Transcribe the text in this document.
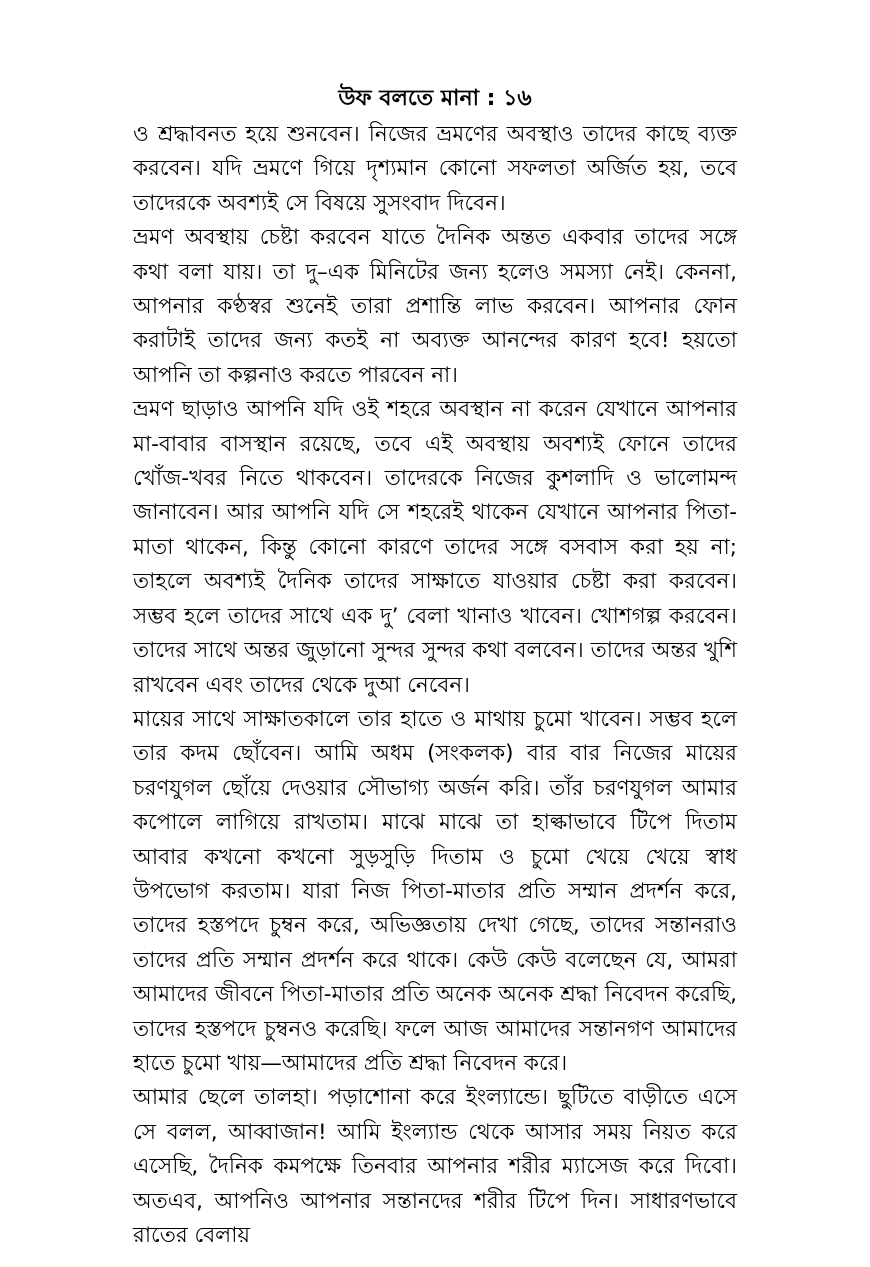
উফ বলতে মানা : ১৬

ও শ্রদ্ধাবনত হয়ে শুনবেন। নিজের ভ্রমণের অবস্থাও তাদের কাছে ব্যক্ত করবেন। যদি ভ্রমণে গিয়ে দৃশ্যমান কোনো সফলতা অর্জিত হয়, তবে তাদেরকে অবশ্যই সে বিষয়ে সুসংবাদ দিবেন।

ভ্রমণ অবস্থায় চেষ্টা করবেন যাতে দৈনিক অন্তত একবার তাদের সঙ্গে কথা বলা যায়। তা দু–এক মিনিটের জন্য হলেও সমস্যা নেই। কেননা, আপনার কণ্ঠস্বর শুনেই তারা প্রশান্তি লাভ করবেন। আপনার ফোন করাটাই তাদের জন্য কতই না অব্যক্ত আনন্দের কারণ হবে! হয়তো আপনি তা কল্পনাও করতে পারবেন না।

ভ্রমণ ছাড়াও আপনি যদি ওই শহরে অবস্থান না করেন যেখানে আপনার মা-বাবার বাসস্থান রয়েছে, তবে এই অবস্থায় অবশ্যই ফোনে তাদের খোঁজ-খবর নিতে থাকবেন। তাদেরকে নিজের কুশলাদি ও ভালোমন্দ জানাবেন। আর আপনি যদি সে শহরেই থাকেন যেখানে আপনার পিতা-মাতা থাকেন, কিন্তু কোনো কারণে তাদের সঙ্গে বসবাস করা হয় না; তাহলে অবশ্যই দৈনিক তাদের সাক্ষাতে যাওয়ার চেষ্টা করা করবেন। সম্ভব হলে তাদের সাথে এক দু’ বেলা খানাও খাবেন। খোশগল্প করবেন। তাদের সাথে অন্তর জুড়ানো সুন্দর সুন্দর কথা বলবেন। তাদের অন্তর খুশি রাখবেন এবং তাদের থেকে দুআ নেবেন।

মায়ের সাথে সাক্ষাতকালে তার হাতে ও মাথায় চুমো খাবেন। সম্ভব হলে তার কদম ছোঁবেন। আমি অধম (সংকলক) বার বার নিজের মায়ের চরণযুগল ছোঁয়ে দেওয়ার সৌভাগ্য অর্জন করি। তাঁর চরণযুগল আমার কপোলে লাগিয়ে রাখতাম। মাঝে মাঝে তা হাল্কাভাবে টিপে দিতাম আবার কখনো কখনো সুড়সুড়ি দিতাম ও চুমো খেয়ে খেয়ে স্বাধ উপভোগ করতাম। যারা নিজ পিতা-মাতার প্রতি সম্মান প্রদর্শন করে, তাদের হস্তপদে চুম্বন করে, অভিজ্ঞতায় দেখা গেছে, তাদের সন্তানরাও তাদের প্রতি সম্মান প্রদর্শন করে থাকে। কেউ কেউ বলেছেন যে, আমরা আমাদের জীবনে পিতা-মাতার প্রতি অনেক অনেক শ্রদ্ধা নিবেদন করেছি, তাদের হস্তপদে চুম্বনও করেছি। ফলে আজ আমাদের সন্তানগণ আমাদের হাতে চুমো খায়—আমাদের প্রতি শ্রদ্ধা নিবেদন করে।

আমার ছেলে তালহা। পড়াশোনা করে ইংল্যান্ডে। ছুটিতে বাড়ীতে এসে সে বলল, আব্বাজান! আমি ইংল্যান্ড থেকে আসার সময় নিয়ত করে এসেছি, দৈনিক কমপক্ষে তিনবার আপনার শরীর ম্যাসেজ করে দিবো। অতএব, আপনিও আপনার সন্তানদের শরীর টিপে দিন। সাধারণভাবে রাতের বেলায়
